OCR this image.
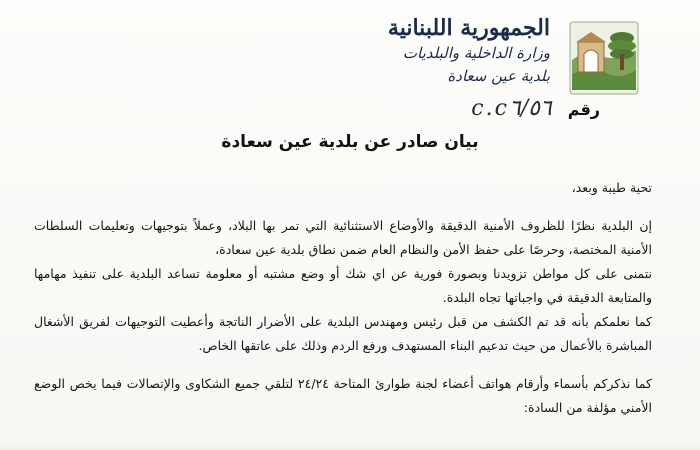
الجمهورية اللبنانية
وزارة الداخلية والبلديات
بلدية عين سعادة
رقم
c.c٦/٥٦
بيان صادر عن بلدية عين سعادة
تحية طيبة وبعد،
إن البلدية نظرًا للظروف الأمنية الدقيقة والأوضاع الاستثنائية التي تمر بها البلاد، وعملاً بتوجيهات وتعليمات السلطات الأمنية المختصة، وحرصًا على حفظ الأمن والنظام العام ضمن نطاق بلدية عين سعادة،
نتمنى على كل مواطن تزويدنا وبصورة فورية عن اي شك أو وضع مشتبه أو معلومة تساعد البلدية على تنفيذ مهامها والمتابعة الدقيقة في واجباتها تجاه البلدة.
كما نعلمكم بأنه قد تم الكشف من قبل رئيس ومهندس البلدية على الأضرار الناتجة وأعطيت التوجيهات لفريق الأشغال المباشرة بالأعمال من حيث تدعيم البناء المستهدف ورفع الردم وذلك على عاتقها الخاص.
كما نذكركم بأسماء وأرقام هواتف أعضاء لجنة طوارئ المتاحة ٢٤/٢٤ لتلقي جميع الشكاوى والإتصالات فيما يخص الوضع الأمني مؤلفة من السادة:
